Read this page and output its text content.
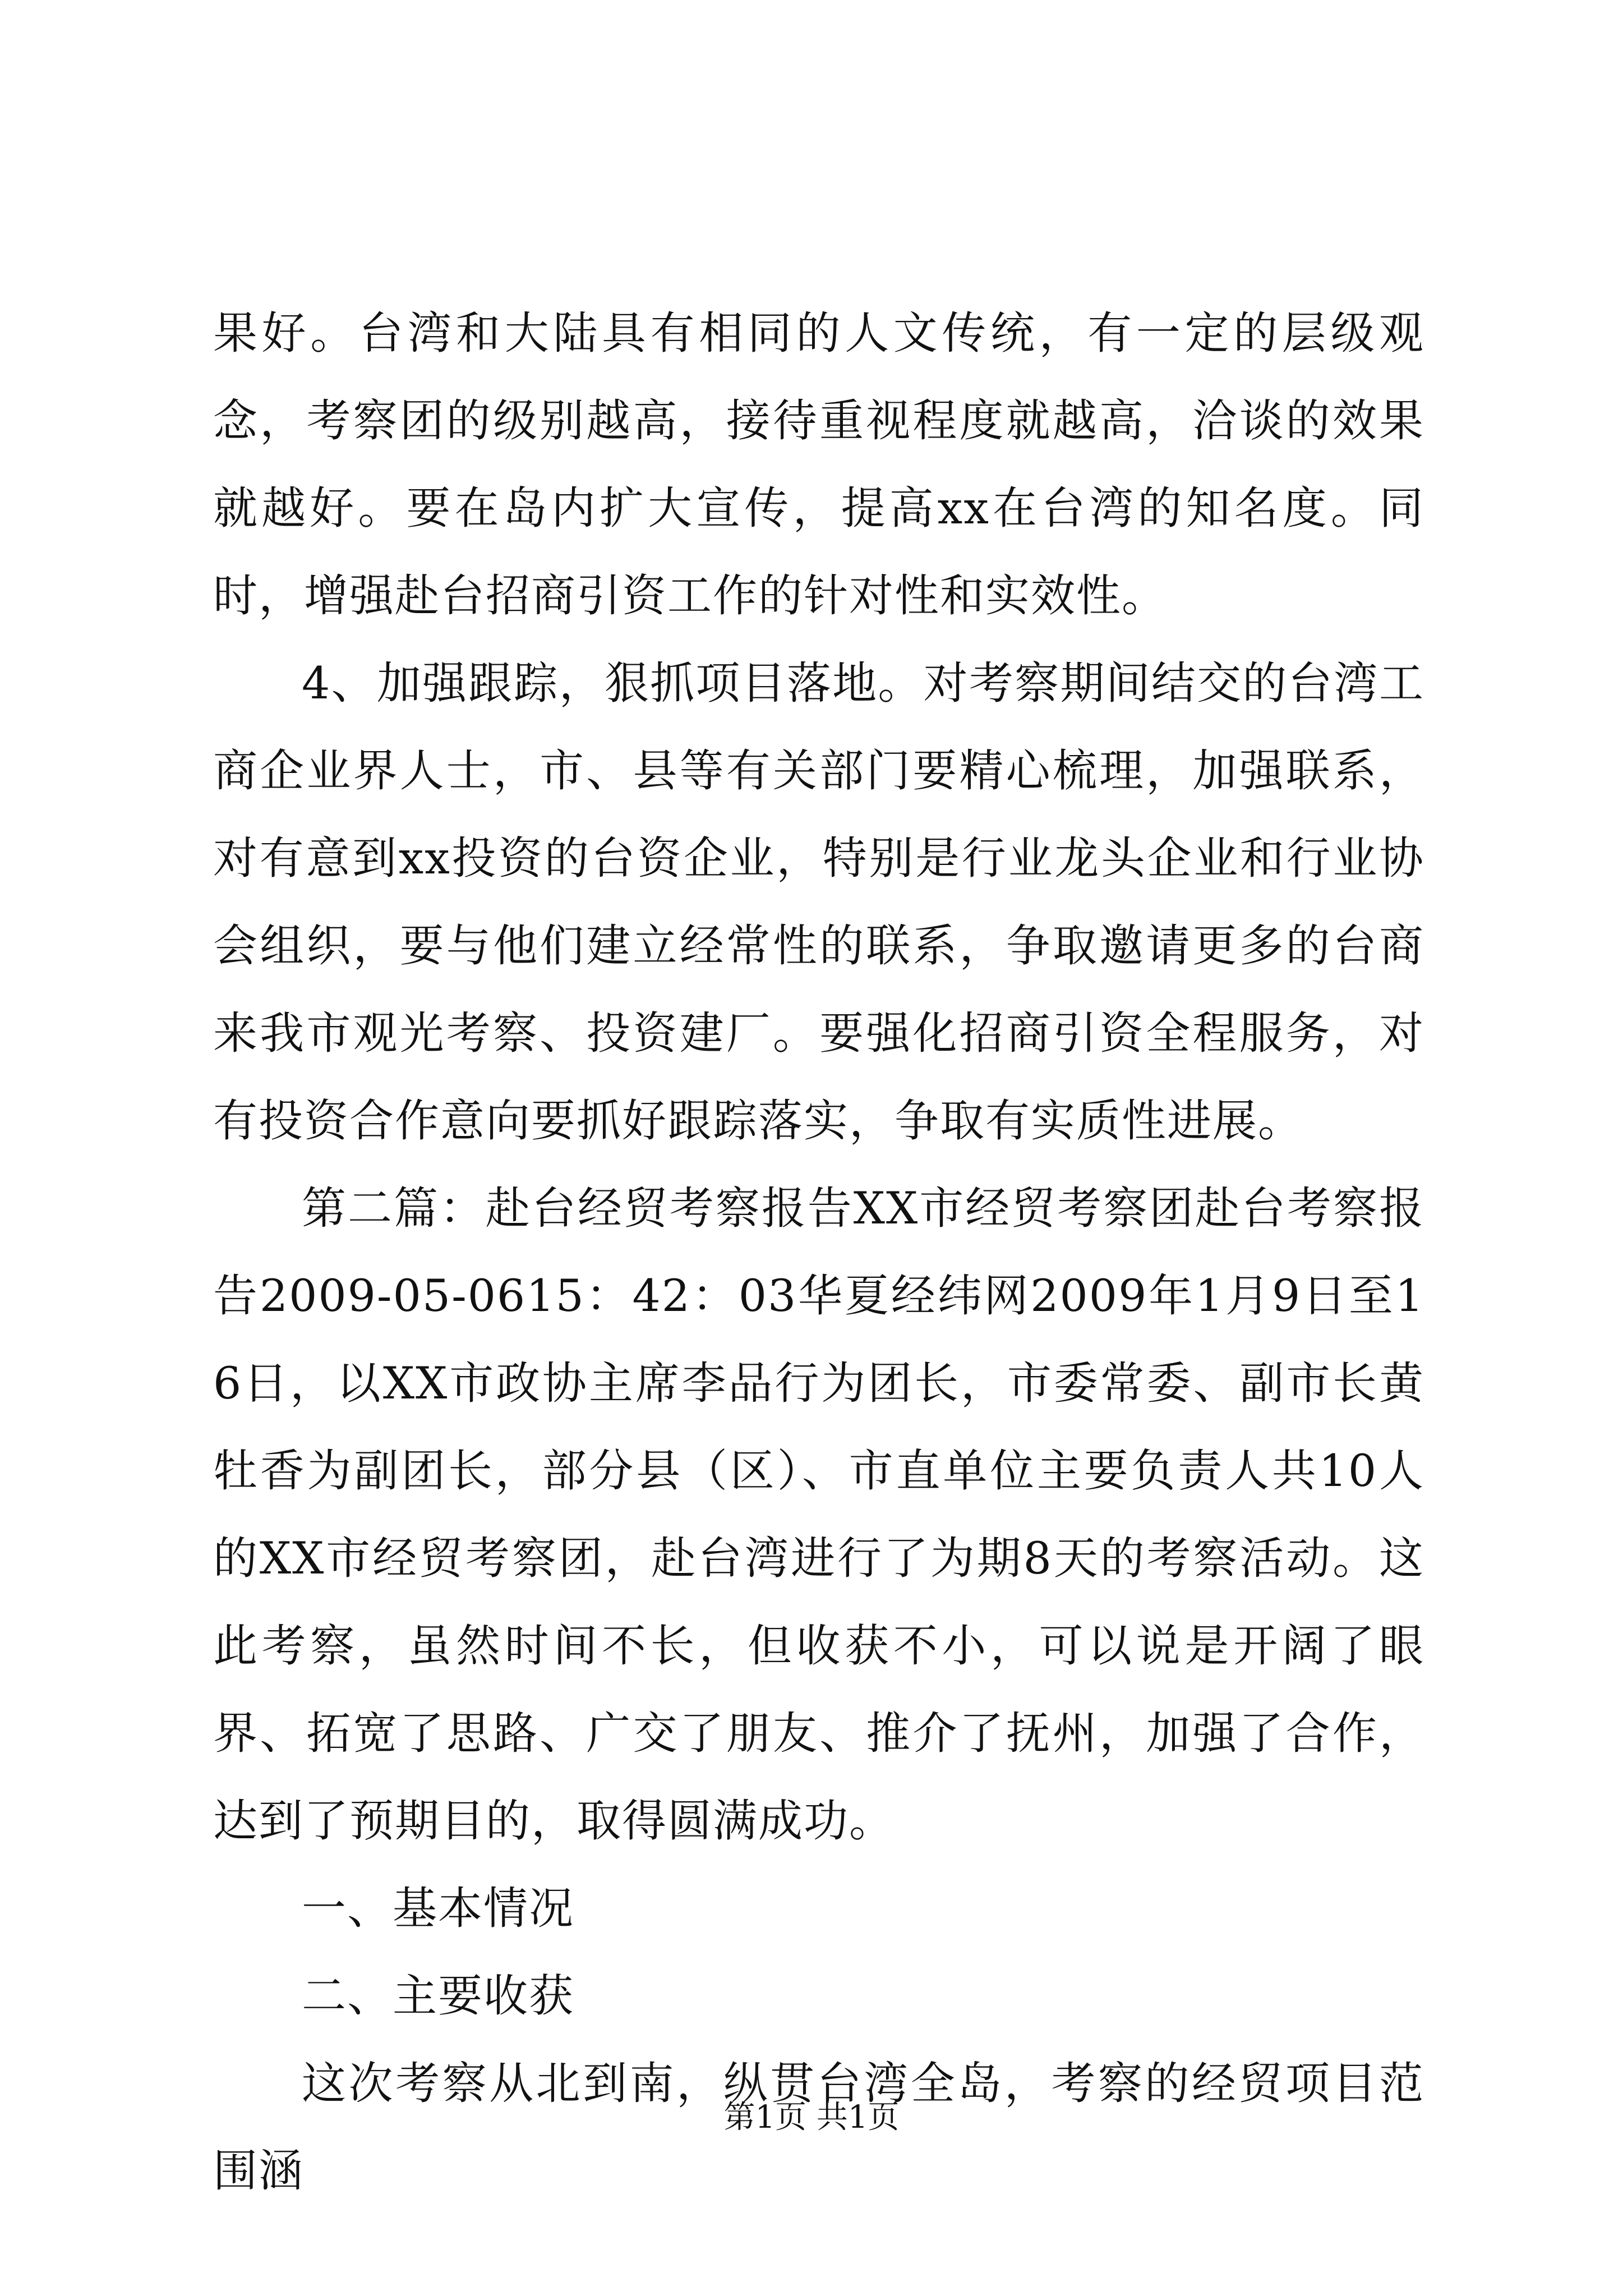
果好。台湾和大陆具有相同的人文传统，有一定的层级观念，考察团的级别越高，接待重视程度就越高，洽谈的效果就越好。要在岛内扩大宣传，提高xx在台湾的知名度。同时，增强赴台招商引资工作的针对性和实效性。

4、加强跟踪，狠抓项目落地。对考察期间结交的台湾工商企业界人士，市、县等有关部门要精心梳理，加强联系，对有意到xx投资的台资企业，特别是行业龙头企业和行业协会组织，要与他们建立经常性的联系，争取邀请更多的台商来我市观光考察、投资建厂。要强化招商引资全程服务，对有投资合作意向要抓好跟踪落实，争取有实质性进展。

第二篇：赴台经贸考察报告XX市经贸考察团赴台考察报告2009-05-0615：42：03华夏经纬网2009年1月9日至16日，以XX市政协主席李品行为团长，市委常委、副市长黄牡香为副团长，部分县（区）、市直单位主要负责人共10人的XX市经贸考察团，赴台湾进行了为期8天的考察活动。这此考察，虽然时间不长，但收获不小，可以说是开阔了眼界、拓宽了思路、广交了朋友、推介了抚州，加强了合作，达到了预期目的，取得圆满成功。

一、基本情况

二、主要收获

这次考察从北到南，纵贯台湾全岛，考察的经贸项目范围涵

第1页 共1页
